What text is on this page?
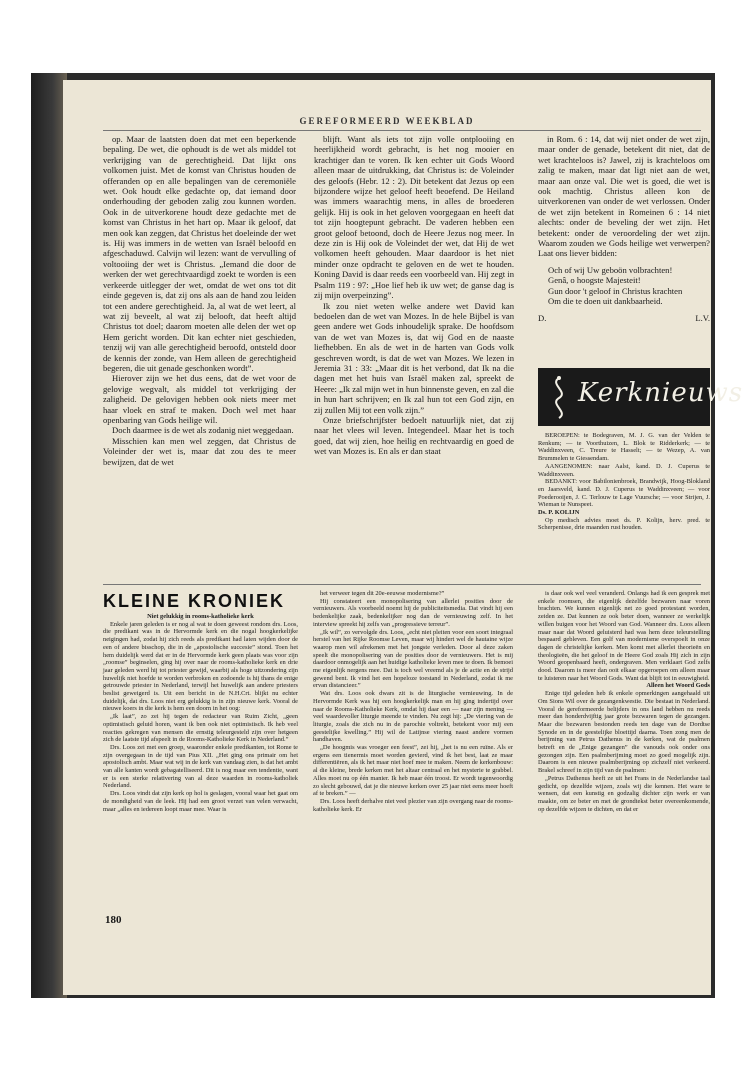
GEREFORMEERD WEEKBLAD

op. Maar de laatsten doen dat met een beperkende bepaling. De wet, die ophoudt is de wet als middel tot verkrijging van de gerechtigheid. Dat lijkt ons volkomen juist. Met de komst van Christus houden de offeranden op en alle bepalingen van de ceremoniële wet. Ook houdt elke gedachte op, dat iemand door onderhouding der geboden zalig zou kunnen worden. Ook in de uitverkorene houdt deze gedachte met de komst van Christus in het hart op. Maar ik geloof, dat men ook kan zeggen, dat Christus het doeleinde der wet is. Hij was immers in de wetten van Israël beloofd en afgeschaduwd. Calvijn wil lezen: want de vervulling of voltooiing der wet is Christus. „Iemand die door de werken der wet gerechtvaardigd zoekt te worden is een verkeerde uitlegger der wet, omdat de wet ons tot dit einde gegeven is, dat zij ons als aan de hand zou leiden tot een andere gerechtigheid. Ja, al wat de wet leert, al wat zij beveelt, al wat zij belooft, dat heeft altijd Christus tot doel; daarom moeten alle delen der wet op Hem gericht worden. Dit kan echter niet geschieden, tenzij wij van alle gerechtigheid beroofd, ontsteld door de kennis der zonde, van Hem alleen de gerechtigheid begeren, die uit genade geschonken wordt”.

Hierover zijn we het dus eens, dat de wet voor de gelovige wegvalt, als middel tot verkrijging der zaligheid. De gelovigen hebben ook niets meer met haar vloek en straf te maken. Doch wel met haar openbaring van Gods heilige wil.

Doch daarmee is de wet als zodanig niet weggedaan.

Misschien kan men wel zeggen, dat Christus de Voleinder der wet is, maar dat zou des te meer bewijzen, dat de wet

blijft. Want als iets tot zijn volle ontplooiing en heerlijkheid wordt gebracht, is het nog mooier en krachtiger dan te voren. Ik ken echter uit Gods Woord alleen maar de uitdrukking, dat Christus is: de Voleinder des geloofs (Hebr. 12 : 2). Dit betekent dat Jezus op een bijzondere wijze het geloof heeft beoefend. De Heiland was immers waarachtig mens, in alles de broederen gelijk. Hij is ook in het geloven voorgegaan en heeft dat tot zijn hoogtepunt gebracht. De vaderen hebben een groot geloof betoond, doch de Heere Jezus nog meer. In deze zin is Hij ook de Voleindet der wet, dat Hij de wet volkomen heeft gehouden. Maar daardoor is het niet minder onze opdracht te geloven en de wet te houden. Koning David is daar reeds een voorbeeld van. Hij zegt in Psalm 119 : 97: „Hoe lief heb ik uw wet; de ganse dag is zij mijn overpeinzing”.

Ik zou niet weten welke andere wet David kan bedoelen dan de wet van Mozes. In de hele Bijbel is van geen andere wet Gods inhoudelijk sprake. De hoofdsom van de wet van Mozes is, dat wij God en de naaste liefhebben. En als de wet in de harten van Gods volk geschreven wordt, is dat de wet van Mozes. We lezen in Jeremia 31 : 33: „Maar dit is het verbond, dat Ik na die dagen met het huis van Israël maken zal, spreekt de Heere: „Ik zal mijn wet in hun binnenste geven, en zal die in hun hart schrijven; en Ik zal hun tot een God zijn, en zij zullen Mij tot een volk zijn.”

Onze briefschrijfster bedoelt natuurlijk niet, dat zij naar het vlees wil leven. Integendeel. Maar het is toch goed, dat wij zien, hoe heilig en rechtvaardig en goed de wet van Mozes is. En als er dan staat

in Rom. 6 : 14, dat wij niet onder de wet zijn, maar onder de genade, betekent dit niet, dat de wet krachteloos is? Jawel, zij is krachteloos om zalig te maken, maar dat ligt niet aan de wet, maar aan onze val. Die wet is goed, die wet is ook machtig. Christus alleen kon de uitverkorenen van onder de wet verlossen. Onder de wet zijn betekent in Romeinen 6 : 14 niet alechts: onder de beveling der wet zijn. Het betekent: onder de veroordeling der wet zijn. Waarom zouden we Gods heilige wet verwerpen? Laat ons liever bidden:

Och of wij Uw geboön volbrachten!
Genâ, o hoogste Majesteit!
Gun door 't geloof in Christus krachten
Om die te doen uit dankbaarheid.
D.	L.V.
Kerknieuws

BEROEPEN: te Bodegraven, M. J. G. van der Velden te Renkum; — te Voorthuizen, L. Blok te Ridderkerk; — te Waddinxveen, C. Treure te Hasselt; — te Wezep, A. van Brummelen te Giessendam.

AANGENOMEN: naar Aalst, kand. D. J. Cuperus te Waddinxveen.

BEDANKT: voor Babilonienbroek, Brandwijk, Hoog-Blokland en Jaarsveld, kand. D. J. Cuperus te Waddinxveen; — voor Poederooijen, J. C. Terlouw te Lage Vuursche; — voor Strijen, J. Wieman te Nunspeet.

Ds. P. KOLIJN

Op medisch advies moet ds. P. Kolijn, herv. pred. te Scherpenisse, drie maanden rust houden.

KLEINE KRONIEK

Niet gelukkig in rooms-katholieke kerk

Enkele jaren geleden is er nog al wat te doen geweest rondom drs. Loos, die predikant was in de Hervormde kerk en die nogal hoogkerkelijke neigingen had, zodat hij zich reeds als predikant had laten wijden door de een of andere bisschop, die in de „apostolische succesie” stond. Toen het hem duidelijk werd dat er in de Hervormde kerk geen plaats was voor zijn „roomse” beginselen, ging hij over naar de rooms-katholieke kerk en drie jaar geleden werd hij tot priester gewijd, waarbij als hoge uitzondering zijn huwelijk niet hoefde te worden verbroken en zodoende is hij thans de enige getrouwde priester in Nederland, terwijl het huwelijk aan andere priesters beslist geweigerd is. Uit een bericht in de N.H.Crt. blijkt nu echter duidelijk, dat drs. Loos niet erg gelukkig is in zijn nieuwe kerk. Vooral de nieuwe koers in die kerk is hem een doorn in het oog:

„Ik laat”, zo zei hij tegen de redacteur van Ruim Zicht, „geen optimistisch geluid horen, want ik ben ook niet optimistisch. Ik heb veel reacties gekregen van mensen die ernstig teleurgesteld zijn over hetgeen zich de laatste tijd afspeelt in de Rooms-Katholieke Kerk in Nederland.”

Drs. Loos zei met een groep, waaronder enkele predikanten, tot Rome te zijn overgegaan in de tijd van Pius XII. „Het ging ons primair om het apostolisch ambt. Maar wat wij in de kerk van vandaag zien, is dat het ambt van alle kanten wordt gebagatelliseerd. Dit is nog maar een tendentie, want er is een sterke relativering van al deze waarden in rooms-katholiek Nederland.

Drs. Loos vindt dat zijn kerk op hol is geslagen, vooral waar het gaat om de mondigheid van de leek. Hij had een groot verzet van velen verwacht, maar „alles en iedereen loopt maar mee. Waar is

het verweer tegen dit 20e-eeuwse modernisme?”

Hij constateert een monopolisering van allerlei posities door de vernieuwers. Als voorbeeld noemt hij de publiciteitsmedia. Dat vindt hij een bedenkelijke zaak, bedenkelijker nog dan de vernieuwing zelf. In het interview spreekt hij zelfs van „progressieve terreur”.

„Ik wil”, zo vervolgde drs. Loos, „echt niet pleiten voor een soort integraal herstel van het Rijke Roomse Leven, maar wij hindert wel de hautaine wijze waarop men wil afrekenen met het jongste verleden. Door al deze zaken speelt die monopolisering van de posities door de vernieuwers. Het is mij daardoor onmogelijk aan het huidige katholieke leven mee te doen. Ik bemoei me eigenlijk nergens mee. Dat is toch wel vreemd als je de actie en de strijd gewend bent. Ik vind het een hopeloze toestand in Nederland, zodat ik me ervan distancieer.”

Wat drs. Loos ook dwars zit is de liturgische vernieuwing. In de Hervormde Kerk was hij een hoogkerkelijk man en hij ging indertijd over naar de Rooms-Katholieke Kerk, omdat hij daar een — naar zijn mening — veel waardevoller liturgie meende te vinden. Nu zegt hij: „De viering van de liturgie, zoals die zich nu in de parochie voltrekt, betekent voor mij een geestelijke kwelling.” Hij wil de Latijnse viering naast andere vormen handhaven.

„De hoogmis was vroeger een feest”, zei hij, „het is nu een ruïne. Als er ergens een tienermis moet worden gevierd, vind ik het best, laat ze maar differentiëren, als ik het maar niet hoef mee te maken. Neem de kerkenbouw: al die kleine, brede kerken met het altaar centraal en het mysterie te grabbel. Alles moet nu op één manier. Ik heb maar één troost. Er wordt tegenwoordig zo slecht gebouwd, dat je die nieuwe kerken over 25 jaar niet eens meer hoeft af te breken.” —

Drs. Loos heeft derhalve niet veel plezier van zijn overgang naar de rooms-katholieke kerk. Er

is daar ook wel veel veranderd. Onlangs had ik een gesprek met enkele roomsen, die eigenlijk deżelfde bezwaren naar voren brachten. We kunnen eigenlijk net zo goed protestant worden, zeiden ze. Dat kunnen ze ook beter doen, wanneer ze werkelijk willen buigen voor het Woord van God. Wanneer drs. Loos alleen maar naar dat Woord geluisterd had was hem deze teleurstelling bespaard gebleven. Een golf van modernisme overspoelt in onze dagen de christelijke kerken. Men komt met allerlei theorieën en theologieën, die het geloof in de Heere God zoals Hij zich in zijn Woord geopenbaard heeft, ondergraven. Men verklaart God zelfs dood. Daarom is meer dan ooit elkaar opgeroepen om alleen maar te luisteren naar het Woord Gods. Want dat blijft tot in eeuwigheid.

Alleen het Woord Gods

Enige tijd geleden heb ik enkele opmerkingen aangehaald uit Om Sions Wil over de gezangenkwestie. Die bestaat in Nederland. Vooral de gereformeerde belijders in ons land hebben nu reeds meer dan honderdvijftig jaar grote bezwaren tegen de gezangen. Maar die bezwaren bestonden reeds ten dage van de Dordtse Synode en in de geestelijke bloeitijd daarna. Toen zong men de berijming van Petrus Dathenus in de kerken, wat de psalmen betreft en de „Enige gezangen” die vanouds ook onder ons gezongen zijn. Een psalmberijming moet zo goed mogelijk zijn. Daarom is een nieuwe psalmberijming op zichzelf niet verkeerd. Brakel schreef in zijn tijd van de psalmen:

„Petrus Dathenus heeft ze uit het Frans in de Nederlandse taal gedicht, op dezelfde wijzen, zoals wij die kennen. Het ware te wensen, dat een kunstig en godzalig dichter zijn werk er van maakte, om ze beter en met de grondtekst beter overeenkomende, op dezelfde wijzen te dichten, en dat er

180
